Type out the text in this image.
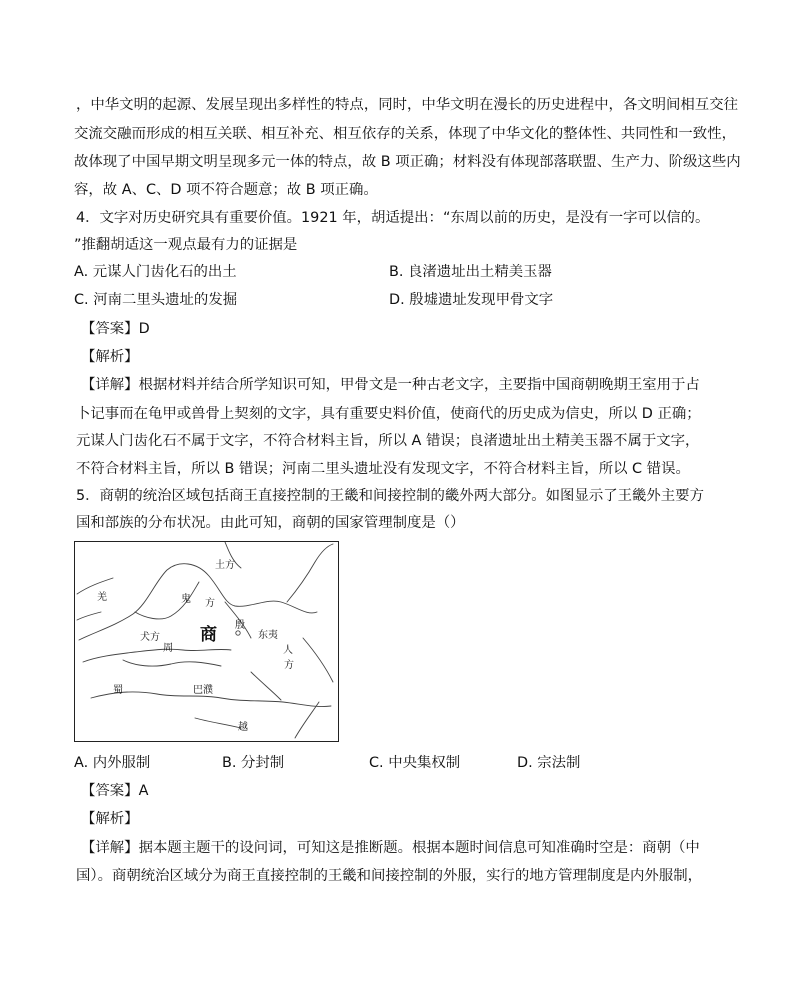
，中华文明的起源、发展呈现出多样性的特点，同时，中华文明在漫长的历史进程中，各文明间相互交往
交流交融而形成的相互关联、相互补充、相互依存的关系，体现了中华文化的整体性、共同性和一致性，
故体现了中国早期文明呈现多元一体的特点，故 B 项正确；材料没有体现部落联盟、生产力、阶级这些内
容，故 A、C、D 项不符合题意；故 B 项正确。
4．文字对历史研究具有重要价值。1921 年，胡适提出：“东周以前的历史，是没有一字可以信的。
”推翻胡适这一观点最有力的证据是
A. 元谋人门齿化石的出土	B. 良渚遗址出土精美玉器
C. 河南二里头遗址的发掘	D. 殷墟遗址发现甲骨文字
【答案】D
【解析】
【详解】根据材料并结合所学知识可知，甲骨文是一种古老文字，主要指中国商朝晚期王室用于占
卜记事而在龟甲或兽骨上契刻的文字，具有重要史料价值，使商代的历史成为信史，所以 D 正确；
元谋人门齿化石不属于文字，不符合材料主旨，所以 A 错误；良渚遗址出土精美玉器不属于文字，
不符合材料主旨，所以 B 错误；河南二里头遗址没有发现文字，不符合材料主旨，所以 C 错误。
5．商朝的统治区域包括商王直接控制的王畿和间接控制的畿外两大部分。如图显示了王畿外主要方
国和部族的分布状况。由此可知，商朝的国家管理制度是（）
土方
羌	鬼 方
商 殷
东夷
犬方
周	人
方
蜀	巴濮
越
A. 内外服制	B. 分封制	C. 中央集权制	D. 宗法制
【答案】A
【解析】
【详解】据本题主题干的设问词，可知这是推断题。根据本题时间信息可知准确时空是：商朝（中
国）。商朝统治区域分为商王直接控制的王畿和间接控制的外服，实行的地方管理制度是内外服制，
